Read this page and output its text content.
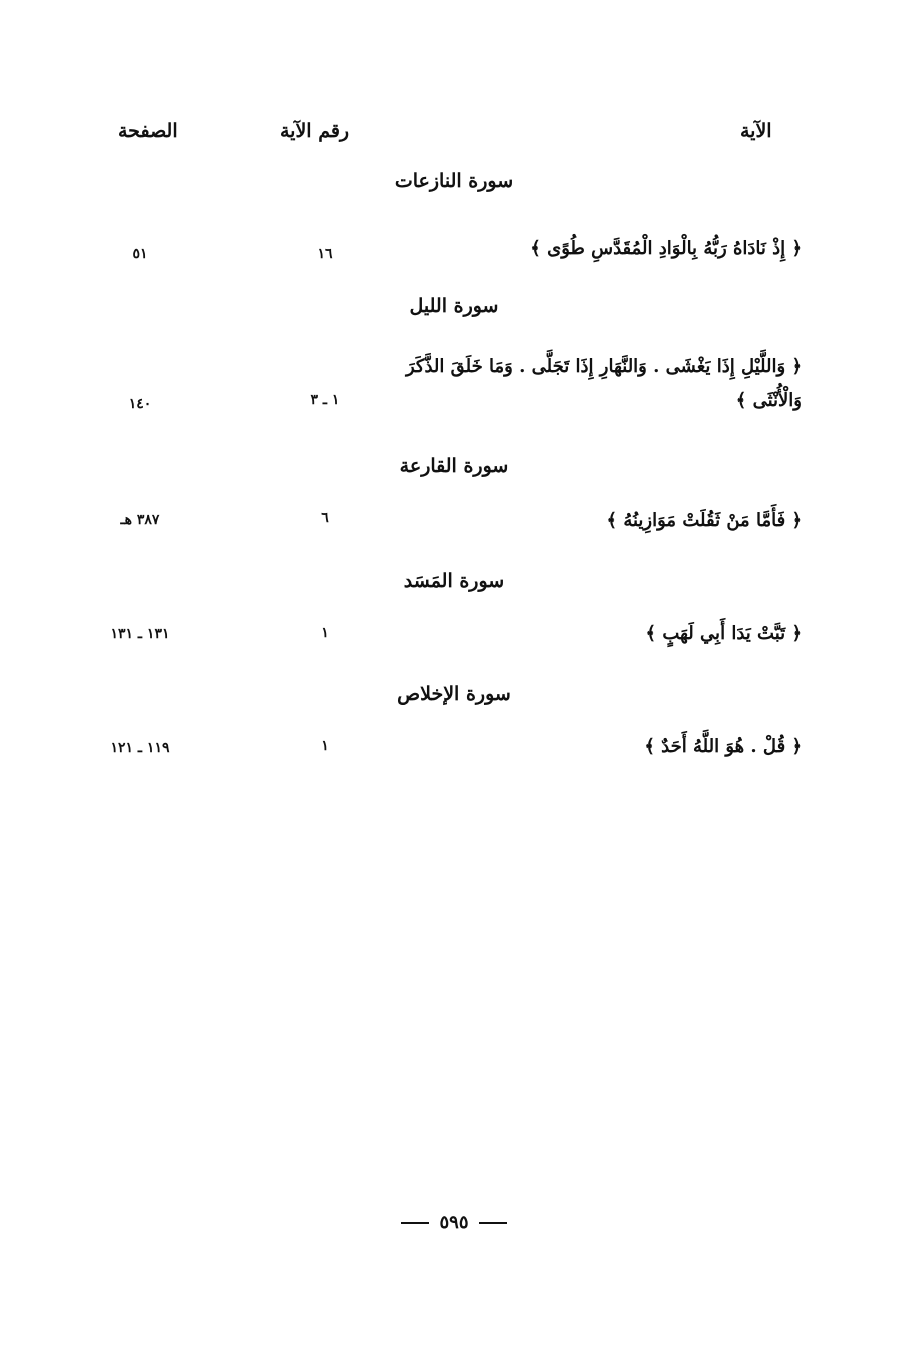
الآية
رقم الآية
الصفحة
سورة النازعات
﴿ إِذْ نَادَاهُ رَبُّهُ بِالْوَادِ الْمُقَدَّسِ طُوًى ﴾
١٦
٥١
سورة الليل
﴿ وَاللَّيْلِ إِذَا يَغْشَى . وَالنَّهَارِ إِذَا تَجَلَّى . وَمَا خَلَقَ الذَّكَرَ وَالْأُنْثَى ﴾
١ ـ ٣
١٤٠
سورة القارعة
﴿ فَأَمَّا مَنْ ثَقُلَتْ مَوَازِينُهُ ﴾
٦
٣٨٧ هـ
سورة المَسَد
﴿ تَبَّتْ يَدَا أَبِي لَهَبٍ ﴾
١
١٣١ ـ ١٣١
سورة الإخلاص
﴿ قُلْ . هُوَ اللَّهُ أَحَدٌ ﴾
١
١١٩ ـ ١٢١
٥٩٥
